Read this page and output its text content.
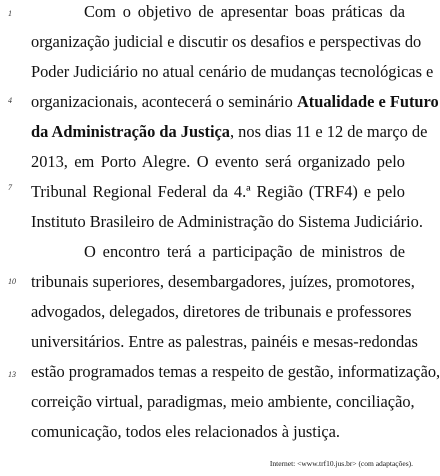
1
4
7
10
13
Com o objetivo de apresentar boas práticas da
organização judicial e discutir os desafios e perspectivas do
Poder Judiciário no atual cenário de mudanças tecnológicas e
organizacionais, acontecerá o seminário Atualidade e Futuro
da Administração da Justiça, nos dias 11 e 12 de março de
2013, em Porto Alegre. O evento será organizado pelo
Tribunal Regional Federal da 4.ª Região (TRF4) e pelo
Instituto Brasileiro de Administração do Sistema Judiciário.
O encontro terá a participação de ministros de
tribunais superiores, desembargadores, juízes, promotores,
advogados, delegados, diretores de tribunais e professores
universitários. Entre as palestras, painéis e mesas-redondas
estão programados temas a respeito de gestão, informatização,
correição virtual, paradigmas, meio ambiente, conciliação,
comunicação, todos eles relacionados à justiça.
Internet: <www.trf10.jus.br> (com adaptações).
